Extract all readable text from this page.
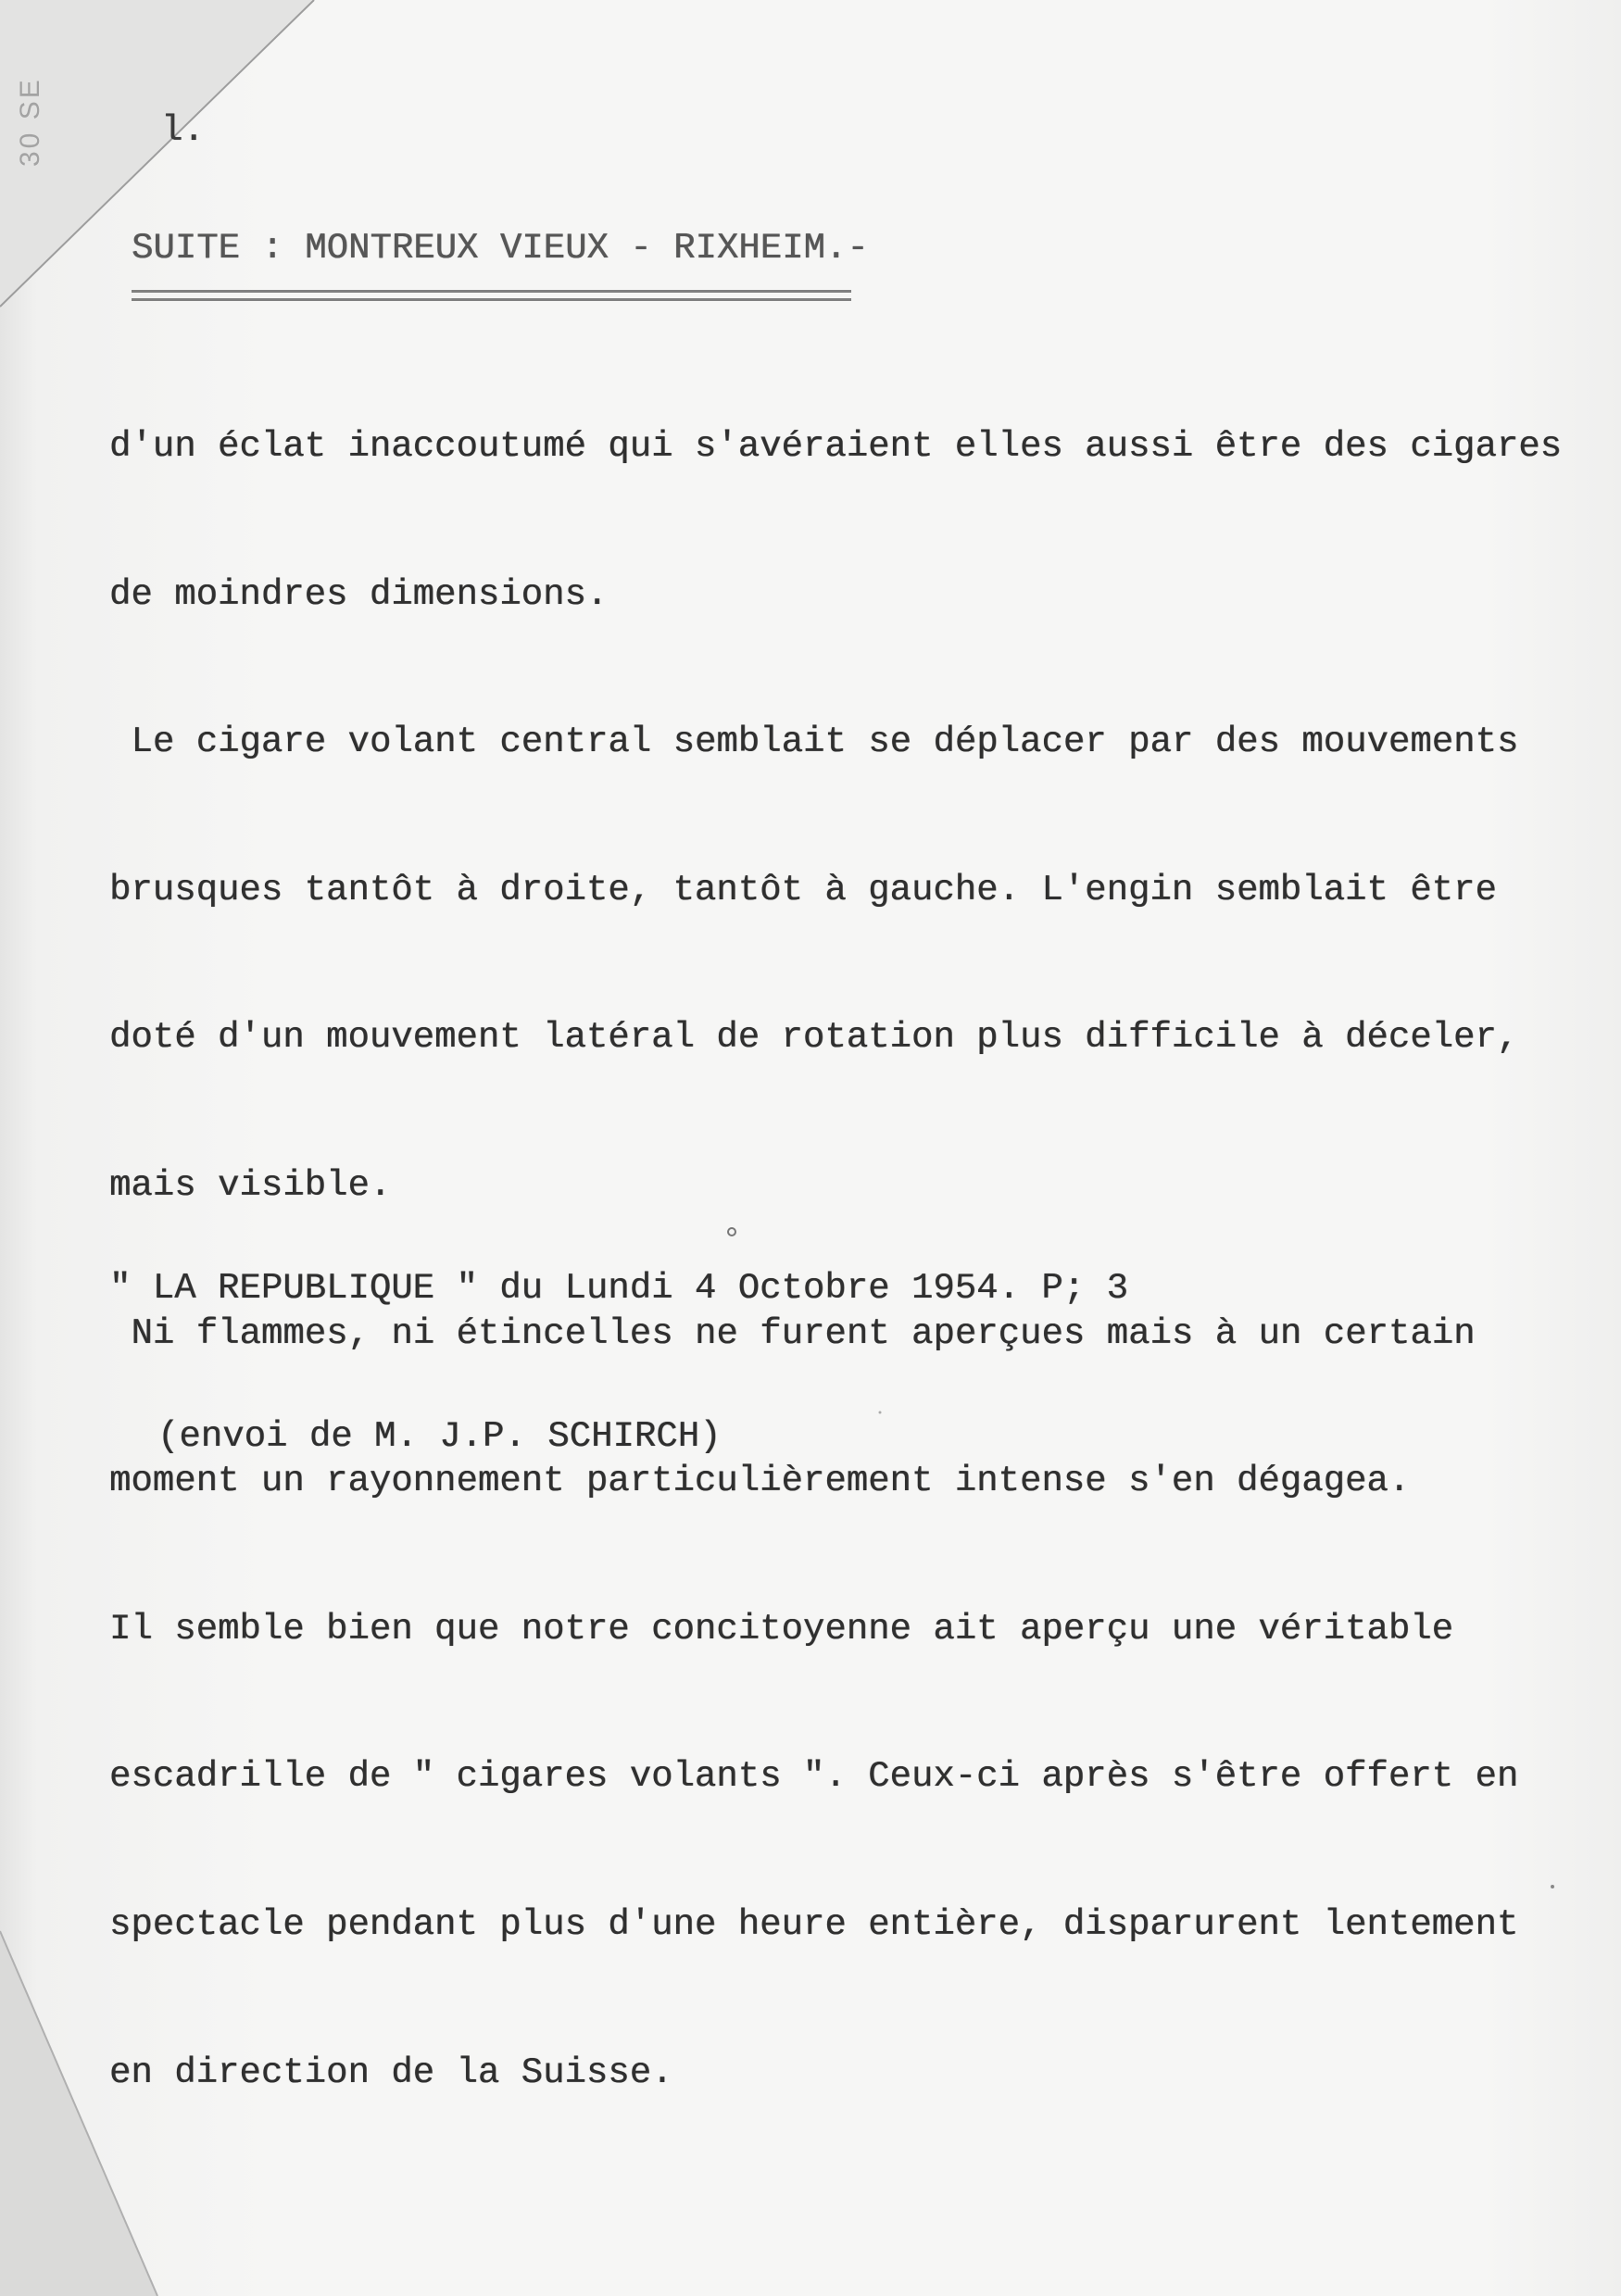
30 SE	l.
SUITE : MONTREUX VIEUX - RIXHEIM.-

d'un éclat inaccoutumé qui s'avéraient elles aussi être des cigares

de moindres dimensions.

Le cigare volant central semblait se déplacer par des mouvements

brusques tantôt à droite, tantôt à gauche. L'engin semblait être

doté d'un mouvement latéral de rotation plus difficile à déceler,

mais visible.

Ni flammes, ni étincelles ne furent aperçues mais à un certain

moment un rayonnement particulièrement intense s'en dégagea.

Il semble bien que notre concitoyenne ait aperçu une véritable

escadrille de " cigares volants ". Ceux-ci après s'être offert en

spectacle pendant plus d'une heure entière, disparurent lentement

en direction de la Suisse.

" LA REPUBLIQUE " du Lundi 4 Octobre 1954. P; 3

(envoi de M. J.P. SCHIRCH)
